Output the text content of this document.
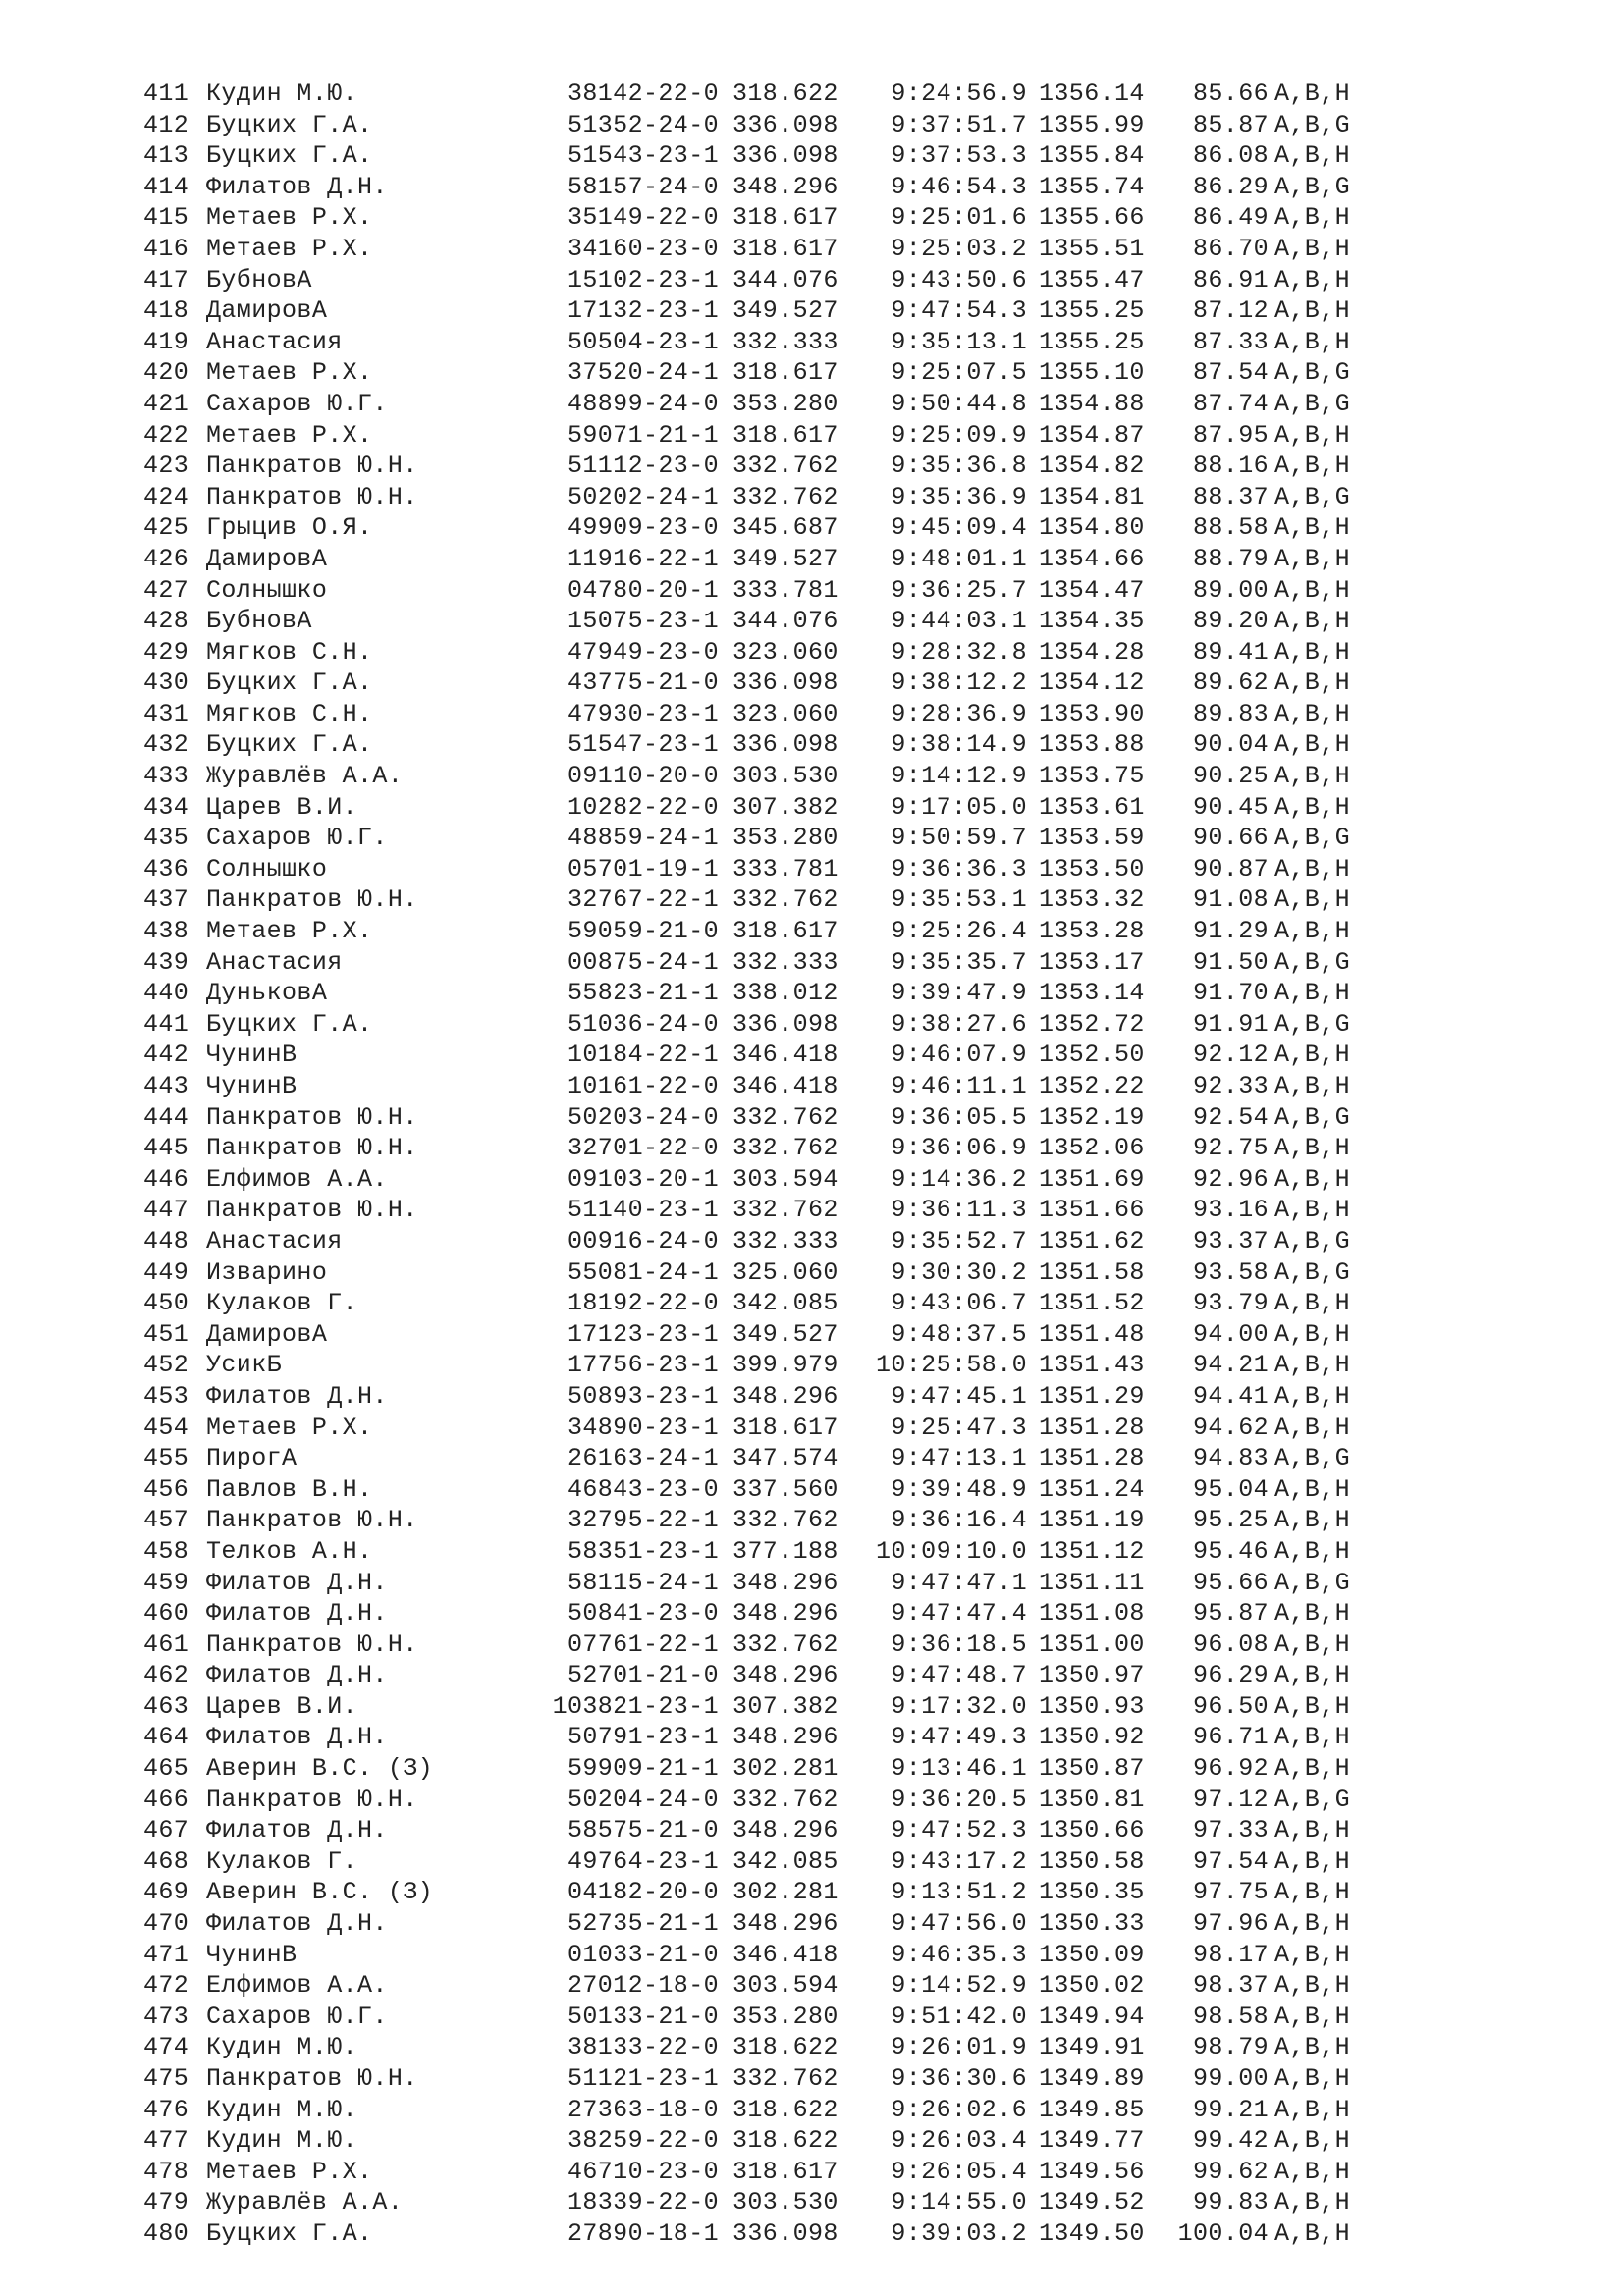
411 Кудин М.Ю.	38142-22-0 318.622	9:24:56.9 1356.14	85.66 A,B,H
412 Буцких Г.А.	51352-24-0 336.098	9:37:51.7 1355.99	85.87 A,B,G
413 Буцких Г.А.	51543-23-1 336.098	9:37:53.3 1355.84	86.08 A,B,H
414 Филатов Д.Н.	58157-24-0 348.296	9:46:54.3 1355.74	86.29 A,B,G
415 Метаев Р.Х.	35149-22-0 318.617	9:25:01.6 1355.66	86.49 A,B,H
416 Метаев Р.Х.	34160-23-0 318.617	9:25:03.2 1355.51	86.70 A,B,H
417 БубновА	15102-23-1 344.076	9:43:50.6 1355.47	86.91 A,B,H
418 ДамировА	17132-23-1 349.527	9:47:54.3 1355.25	87.12 A,B,H
419 Анастасия	50504-23-1 332.333	9:35:13.1 1355.25	87.33 A,B,H
420 Метаев Р.Х.	37520-24-1 318.617	9:25:07.5 1355.10	87.54 A,B,G
421 Сахаров Ю.Г.	48899-24-0 353.280	9:50:44.8 1354.88	87.74 A,B,G
422 Метаев Р.Х.	59071-21-1 318.617	9:25:09.9 1354.87	87.95 A,B,H
423 Панкратов Ю.Н.	51112-23-0 332.762	9:35:36.8 1354.82	88.16 A,B,H
424 Панкратов Ю.Н.	50202-24-1 332.762	9:35:36.9 1354.81	88.37 A,B,G
425 Грыцив О.Я.	49909-23-0 345.687	9:45:09.4 1354.80	88.58 A,B,H
426 ДамировА	11916-22-1 349.527	9:48:01.1 1354.66	88.79 A,B,H
427 Солнышко	04780-20-1 333.781	9:36:25.7 1354.47	89.00 A,B,H
428 БубновА	15075-23-1 344.076	9:44:03.1 1354.35	89.20 A,B,H
429 Мягков С.Н.	47949-23-0 323.060	9:28:32.8 1354.28	89.41 A,B,H
430 Буцких Г.А.	43775-21-0 336.098	9:38:12.2 1354.12	89.62 A,B,H
431 Мягков С.Н.	47930-23-1 323.060	9:28:36.9 1353.90	89.83 A,B,H
432 Буцких Г.А.	51547-23-1 336.098	9:38:14.9 1353.88	90.04 A,B,H
433 Журавлёв А.А.	09110-20-0 303.530	9:14:12.9 1353.75	90.25 A,B,H
434 Царев В.И.	10282-22-0 307.382	9:17:05.0 1353.61	90.45 A,B,H
435 Сахаров Ю.Г.	48859-24-1 353.280	9:50:59.7 1353.59	90.66 A,B,G
436 Солнышко	05701-19-1 333.781	9:36:36.3 1353.50	90.87 A,B,H
437 Панкратов Ю.Н.	32767-22-1 332.762	9:35:53.1 1353.32	91.08 A,B,H
438 Метаев Р.Х.	59059-21-0 318.617	9:25:26.4 1353.28	91.29 A,B,H
439 Анастасия	00875-24-1 332.333	9:35:35.7 1353.17	91.50 A,B,G
440 ДуньковА	55823-21-1 338.012	9:39:47.9 1353.14	91.70 A,B,H
441 Буцких Г.А.	51036-24-0 336.098	9:38:27.6 1352.72	91.91 A,B,G
442 ЧунинВ	10184-22-1 346.418	9:46:07.9 1352.50	92.12 A,B,H
443 ЧунинВ	10161-22-0 346.418	9:46:11.1 1352.22	92.33 A,B,H
444 Панкратов Ю.Н.	50203-24-0 332.762	9:36:05.5 1352.19	92.54 A,B,G
445 Панкратов Ю.Н.	32701-22-0 332.762	9:36:06.9 1352.06	92.75 A,B,H
446 Елфимов А.А.	09103-20-1 303.594	9:14:36.2 1351.69	92.96 A,B,H
447 Панкратов Ю.Н.	51140-23-1 332.762	9:36:11.3 1351.66	93.16 A,B,H
448 Анастасия	00916-24-0 332.333	9:35:52.7 1351.62	93.37 A,B,G
449 Изварино	55081-24-1 325.060	9:30:30.2 1351.58	93.58 A,B,G
450 Кулаков Г.	18192-22-0 342.085	9:43:06.7 1351.52	93.79 A,B,H
451 ДамировА	17123-23-1 349.527	9:48:37.5 1351.48	94.00 A,B,H
452 УсикБ	17756-23-1 399.979	10:25:58.0 1351.43	94.21 A,B,H
453 Филатов Д.Н.	50893-23-1 348.296	9:47:45.1 1351.29	94.41 A,B,H
454 Метаев Р.Х.	34890-23-1 318.617	9:25:47.3 1351.28	94.62 A,B,H
455 ПирогА	26163-24-1 347.574	9:47:13.1 1351.28	94.83 A,B,G
456 Павлов В.Н.	46843-23-0 337.560	9:39:48.9 1351.24	95.04 A,B,H
457 Панкратов Ю.Н.	32795-22-1 332.762	9:36:16.4 1351.19	95.25 A,B,H
458 Телков А.Н.	58351-23-1 377.188	10:09:10.0 1351.12	95.46 A,B,H
459 Филатов Д.Н.	58115-24-1 348.296	9:47:47.1 1351.11	95.66 A,B,G
460 Филатов Д.Н.	50841-23-0 348.296	9:47:47.4 1351.08	95.87 A,B,H
461 Панкратов Ю.Н.	07761-22-1 332.762	9:36:18.5 1351.00	96.08 A,B,H
462 Филатов Д.Н.	52701-21-0 348.296	9:47:48.7 1350.97	96.29 A,B,H
463 Царев В.И.	103821-23-1 307.382	9:17:32.0 1350.93	96.50 A,B,H
464 Филатов Д.Н.	50791-23-1 348.296	9:47:49.3 1350.92	96.71 A,B,H
465 Аверин В.С. (З)	59909-21-1 302.281	9:13:46.1 1350.87	96.92 A,B,H
466 Панкратов Ю.Н.	50204-24-0 332.762	9:36:20.5 1350.81	97.12 A,B,G
467 Филатов Д.Н.	58575-21-0 348.296	9:47:52.3 1350.66	97.33 A,B,H
468 Кулаков Г.	49764-23-1 342.085	9:43:17.2 1350.58	97.54 A,B,H
469 Аверин В.С. (З)	04182-20-0 302.281	9:13:51.2 1350.35	97.75 A,B,H
470 Филатов Д.Н.	52735-21-1 348.296	9:47:56.0 1350.33	97.96 A,B,H
471 ЧунинВ	01033-21-0 346.418	9:46:35.3 1350.09	98.17 A,B,H
472 Елфимов А.А.	27012-18-0 303.594	9:14:52.9 1350.02	98.37 A,B,H
473 Сахаров Ю.Г.	50133-21-0 353.280	9:51:42.0 1349.94	98.58 A,B,H
474 Кудин М.Ю.	38133-22-0 318.622	9:26:01.9 1349.91	98.79 A,B,H
475 Панкратов Ю.Н.	51121-23-1 332.762	9:36:30.6 1349.89	99.00 A,B,H
476 Кудин М.Ю.	27363-18-0 318.622	9:26:02.6 1349.85	99.21 A,B,H
477 Кудин М.Ю.	38259-22-0 318.622	9:26:03.4 1349.77	99.42 A,B,H
478 Метаев Р.Х.	46710-23-0 318.617	9:26:05.4 1349.56	99.62 A,B,H
479 Журавлёв А.А.	18339-22-0 303.530	9:14:55.0 1349.52	99.83 A,B,H
480 Буцких Г.А.	27890-18-1 336.098	9:39:03.2 1349.50	100.04 A,B,H
